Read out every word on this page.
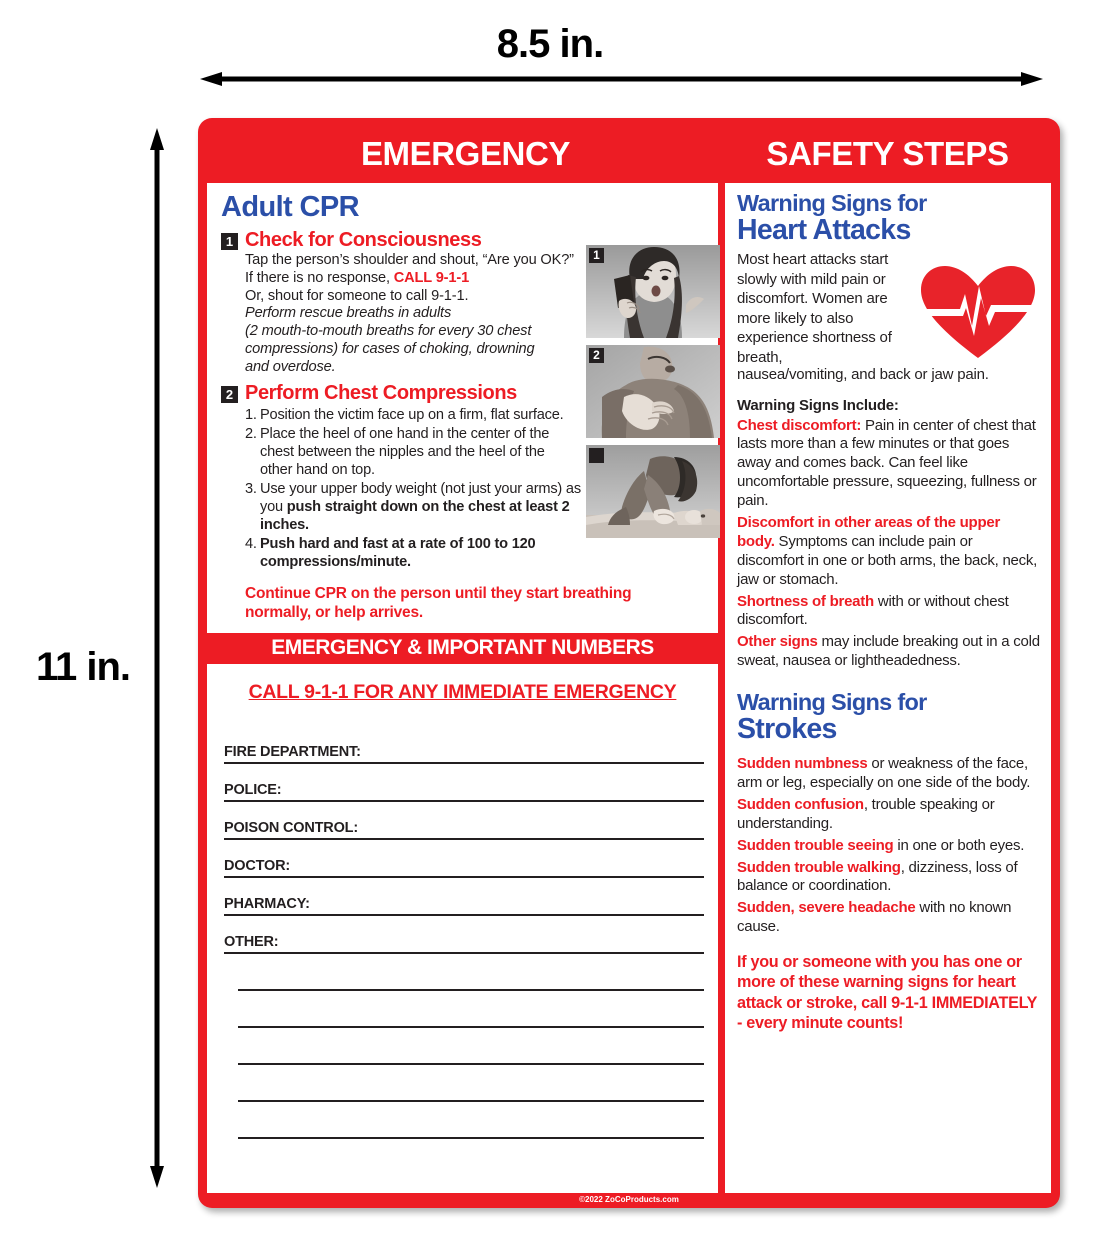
8.5 in.
11 in.
EMERGENCY	SAFETY STEPS
Adult CPR
1 Check for Consciousness
Tap the person’s shoulder and shout, “Are you OK?”
If there is no response, CALL 9-1-1
Or, shout for someone to call 9-1-1.
Perform rescue breaths in adults
(2 mouth-to-mouth breaths for every 30 chest
compressions) for cases of choking, drowning
and overdose.
2 Perform Chest Compressions
1. Position the victim face up on a firm, flat surface.
2. Place the heel of one hand in the center of the chest between the nipples and the heel of the other hand on top.
3. Use your upper body weight (not just your arms) as you push straight down on the chest at least 2 inches.
4. Push hard and fast at a rate of 100 to 120 compressions/minute.
Continue CPR on the person until they start breathing normally, or help arrives.
1
2
EMERGENCY & IMPORTANT NUMBERS
CALL 9-1-1 FOR ANY IMMEDIATE EMERGENCY
FIRE DEPARTMENT:
POLICE:
POISON CONTROL:
DOCTOR:
PHARMACY:
OTHER:
Warning Signs for
Heart Attacks
Most heart attacks start slowly with mild pain or discomfort. Women are more likely to also experience shortness of breath,
nausea/vomiting, and back or jaw pain.
Warning Signs Include:
Chest discomfort: Pain in center of chest that lasts more than a few minutes or that goes away and comes back. Can feel like uncomfortable pressure, squeezing, fullness or pain.
Discomfort in other areas of the upper body. Symptoms can include pain or discomfort in one or both arms, the back, neck, jaw or stomach.
Shortness of breath with or without chest discomfort.
Other signs may include breaking out in a cold sweat, nausea or lightheadedness.
Warning Signs for
Strokes
Sudden numbness or weakness of the face, arm or leg, especially on one side of the body.
Sudden confusion, trouble speaking or understanding.
Sudden trouble seeing in one or both eyes.
Sudden trouble walking, dizziness, loss of balance or coordination.
Sudden, severe headache with no known cause.
If you or someone with you has one or more of these warning signs for heart attack or stroke, call 9-1-1 IMMEDIATELY - every minute counts!
©2022 ZoCoProducts.com
